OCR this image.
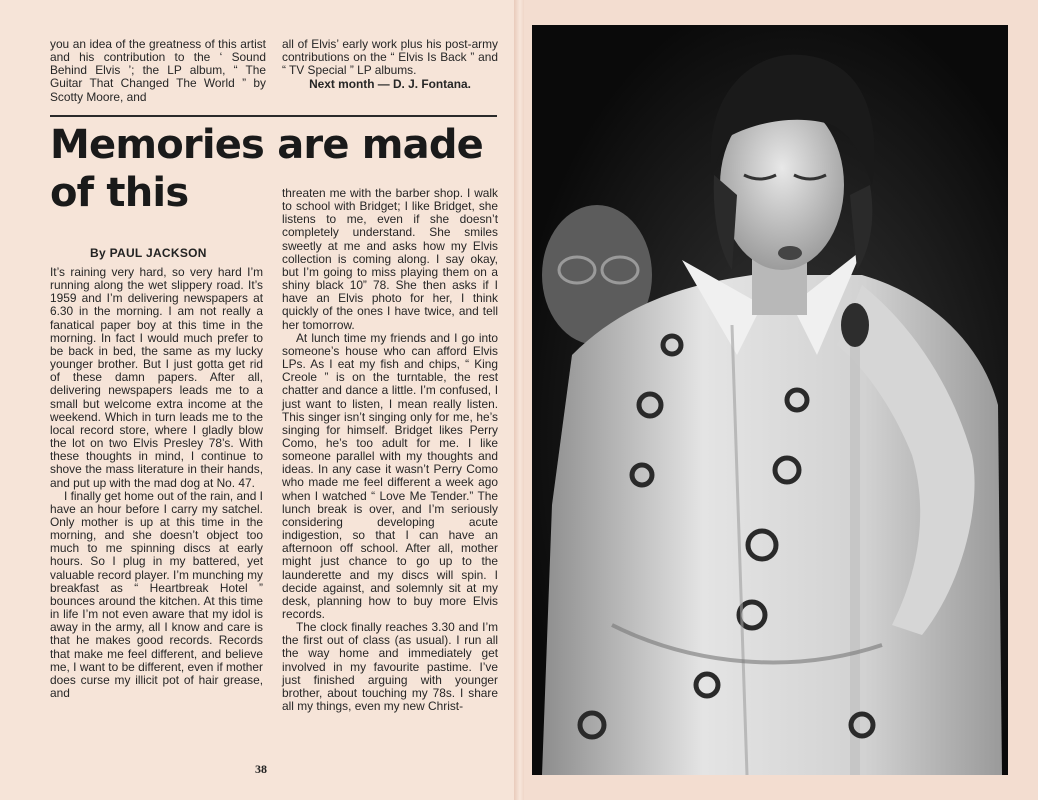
you an idea of the greatness of this artist and his contribution to the ‘ Sound Behind Elvis ’; the LP album, “ The Guitar That Changed The World ” by Scotty Moore, and

all of Elvis’ early work plus his post-army contributions on the “ Elvis Is Back ” and “ TV Special ” LP albums.

Next month — D. J. Fontana.
Memories are made of this
By PAUL JACKSON

It’s raining very hard, so very hard I’m running along the wet slippery road. It’s 1959 and I’m delivering newspapers at 6.30 in the morning. I am not really a fanatical paper boy at this time in the morning. In fact I would much prefer to be back in bed, the same as my lucky younger brother. But I just gotta get rid of these damn papers. After all, delivering newspapers leads me to a small but welcome extra income at the weekend. Which in turn leads me to the local record store, where I gladly blow the lot on two Elvis Presley 78’s. With these thoughts in mind, I continue to shove the mass literature in their hands, and put up with the mad dog at No. 47.

I finally get home out of the rain, and I have an hour before I carry my satchel. Only mother is up at this time in the morning, and she doesn’t object too much to me spinning discs at early hours. So I plug in my battered, yet valuable record player. I’m munching my breakfast as “ Heartbreak Hotel ” bounces around the kitchen. At this time in life I’m not even aware that my idol is away in the army, all I know and care is that he makes good records. Records that make me feel different, and believe me, I want to be different, even if mother does curse my illicit pot of hair grease, and

threaten me with the barber shop. I walk to school with Bridget; I like Bridget, she listens to me, even if she doesn’t completely understand. She smiles sweetly at me and asks how my Elvis collection is coming along. I say okay, but I’m going to miss playing them on a shiny black 10” 78. She then asks if I have an Elvis photo for her, I think quickly of the ones I have twice, and tell her tomorrow.

At lunch time my friends and I go into someone’s house who can afford Elvis LPs. As I eat my fish and chips, “ King Creole ” is on the turntable, the rest chatter and dance a little. I’m confused, I just want to listen, I mean really listen. This singer isn’t singing only for me, he’s singing for himself. Bridget likes Perry Como, he’s too adult for me. I like someone parallel with my thoughts and ideas. In any case it wasn’t Perry Como who made me feel different a week ago when I watched “ Love Me Tender.” The lunch break is over, and I’m seriously considering developing acute indigestion, so that I can have an afternoon off school. After all, mother might just chance to go up to the launderette and my discs will spin. I decide against, and solemnly sit at my desk, planning how to buy more Elvis records.

The clock finally reaches 3.30 and I’m the first out of class (as usual). I run all the way home and immediately get involved in my favourite pastime. I’ve just finished arguing with younger brother, about touching my 78s. I share all my things, even my new Christ-

38
